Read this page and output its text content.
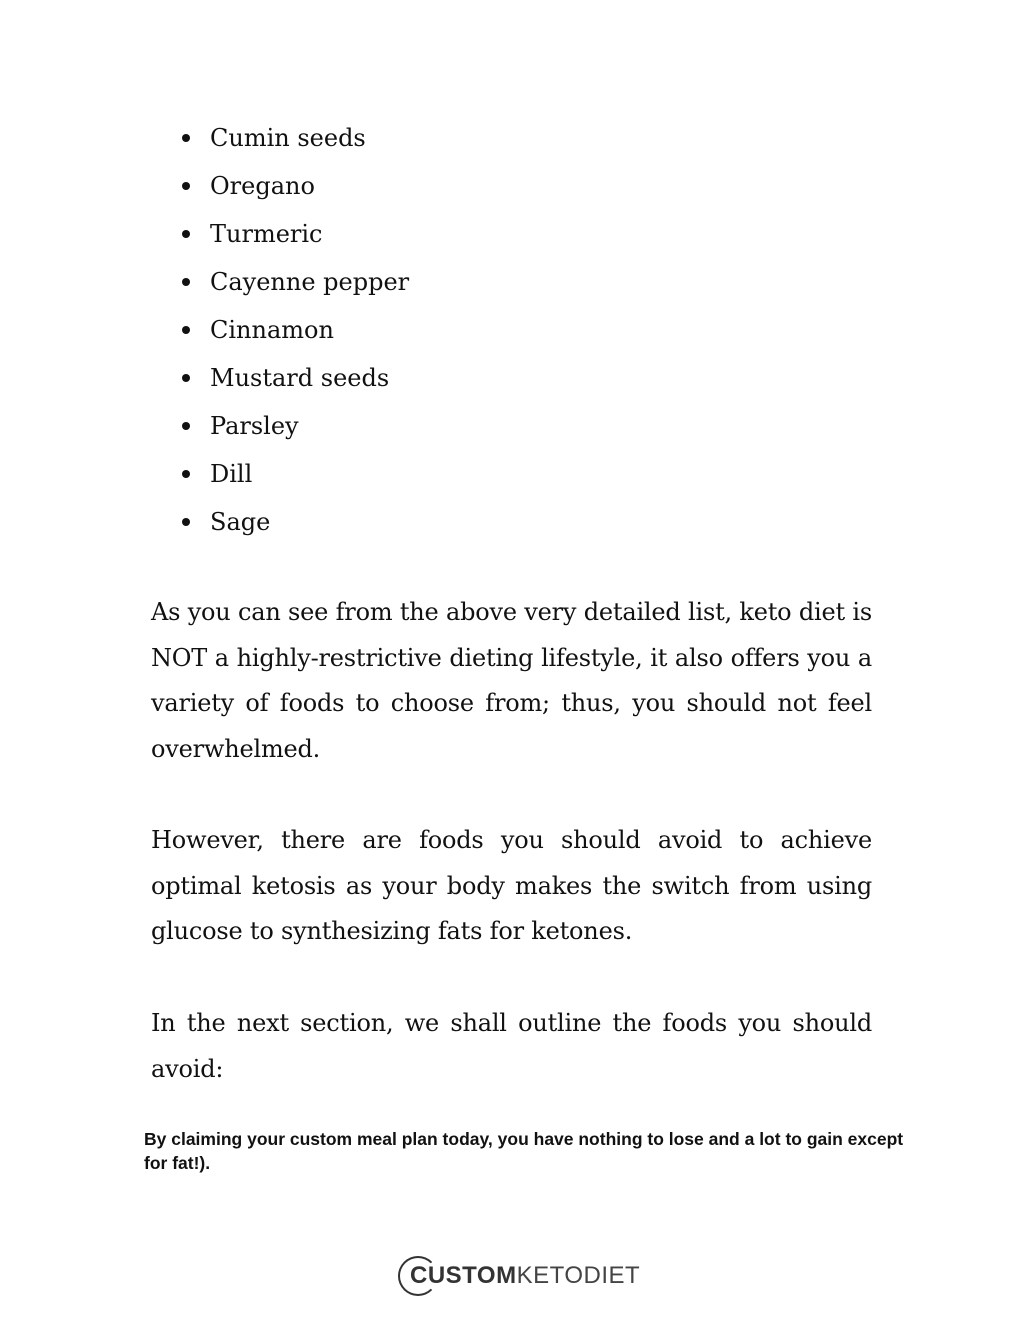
Cumin seeds
Oregano
Turmeric
Cayenne pepper
Cinnamon
Mustard seeds
Parsley
Dill
Sage

As you can see from the above very detailed list, keto diet is NOT a highly-restrictive dieting lifestyle, it also offers you a variety of foods to choose from; thus, you should not feel overwhelmed.

However, there are foods you should avoid to achieve optimal ketosis as your body makes the switch from using glucose to synthesizing fats for ketones.

In the next section, we shall outline the foods you should avoid:

By claiming your custom meal plan today, you have nothing to lose and a lot to gain except for fat!).

C USTOM KETODIET
